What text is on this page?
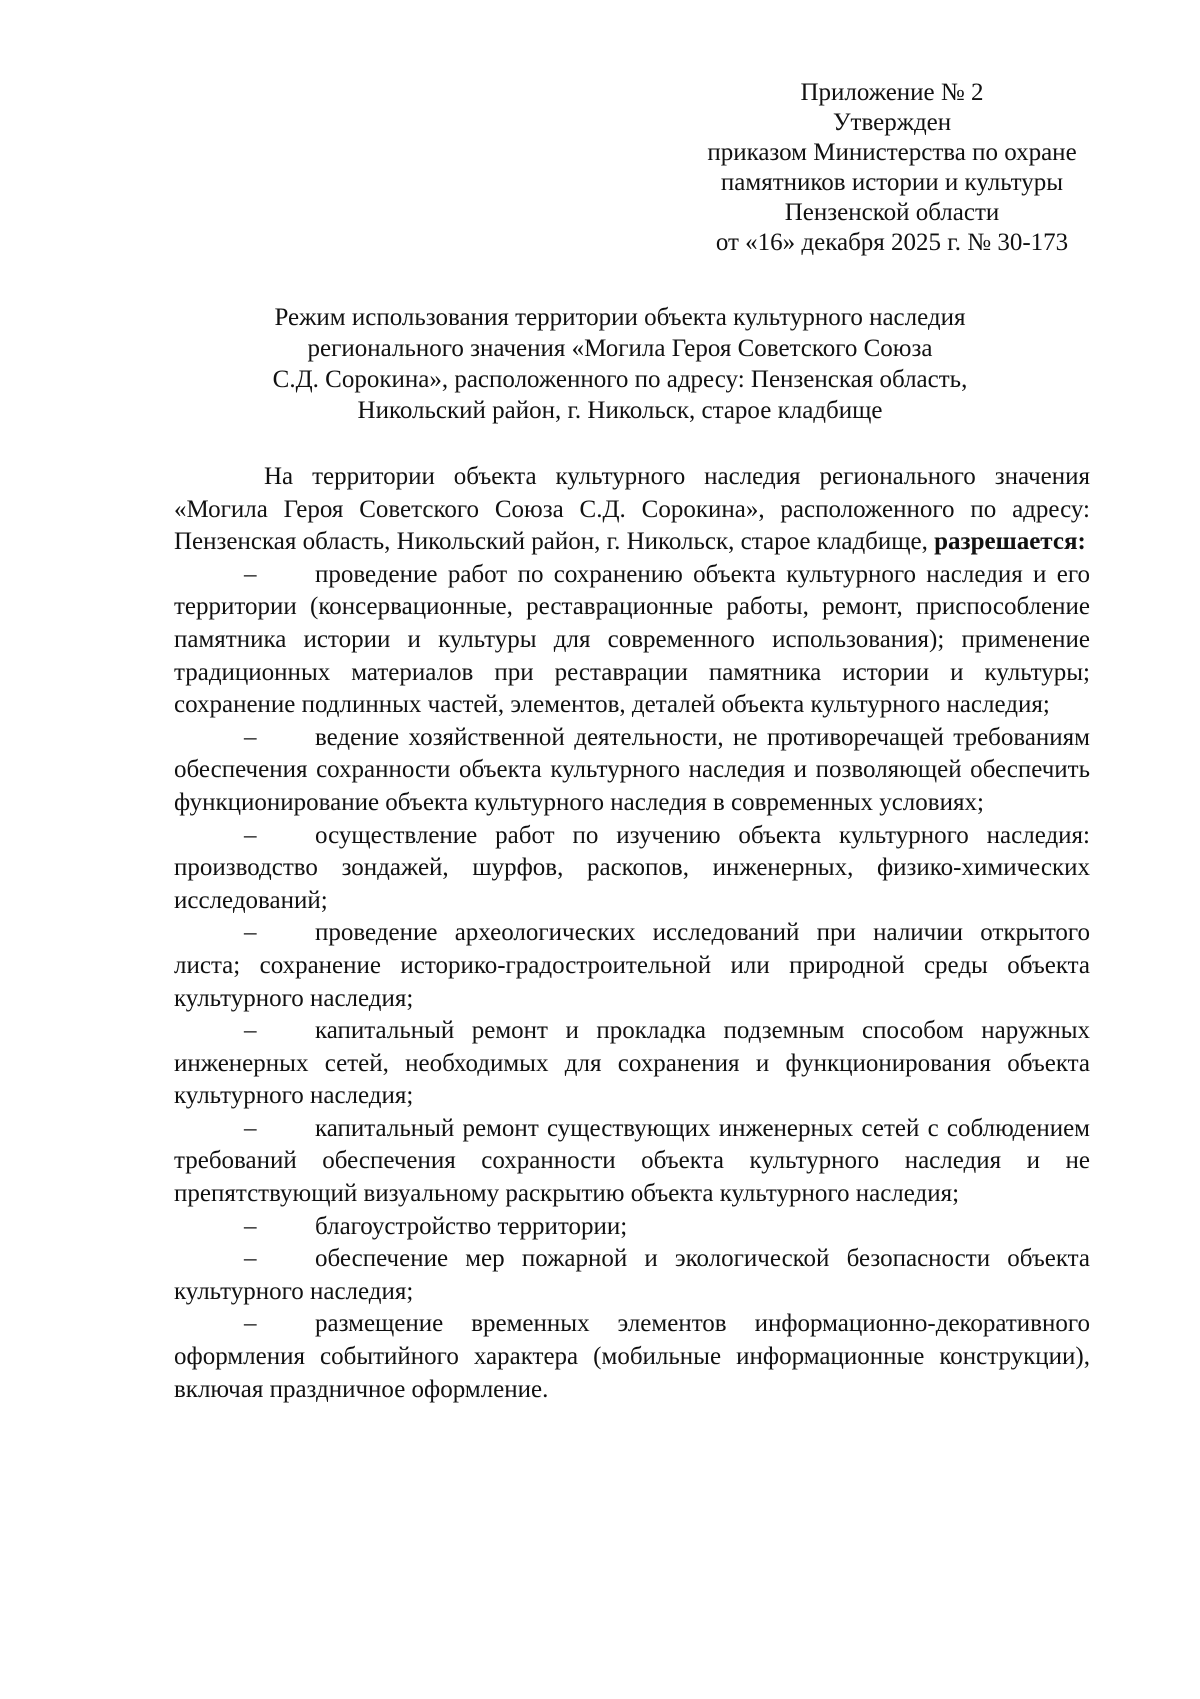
Приложение № 2
Утвержден
приказом Министерства по охране
памятников истории и культуры
Пензенской области
от «16» декабря 2025 г. № 30-173
Режим использования территории объекта культурного наследия
регионального значения «Могила Героя Советского Союза
С.Д. Сорокина», расположенного по адресу: Пензенская область,
Никольский район, г. Никольск, старое кладбище

На территории объекта культурного наследия регионального значения «Могила Героя Советского Союза С.Д. Сорокина», расположенного по адресу: Пензенская область, Никольский район, г. Никольск, старое кладбище, разрешается:

– проведение работ по сохранению объекта культурного наследия и его территории (консервационные, реставрационные работы, ремонт, приспособление памятника истории и культуры для современного использования); применение традиционных материалов при реставрации памятника истории и культуры; сохранение подлинных частей, элементов, деталей объекта культурного наследия;

– ведение хозяйственной деятельности, не противоречащей требованиям обеспечения сохранности объекта культурного наследия и позволяющей обеспечить функционирование объекта культурного наследия в современных условиях;

– осуществление работ по изучению объекта культурного наследия: производство зондажей, шурфов, раскопов, инженерных, физико-химических исследований;

– проведение археологических исследований при наличии открытого листа; сохранение историко-градостроительной или природной среды объекта культурного наследия;

– капитальный ремонт и прокладка подземным способом наружных инженерных сетей, необходимых для сохранения и функционирования объекта культурного наследия;

– капитальный ремонт существующих инженерных сетей с соблюдением требований обеспечения сохранности объекта культурного наследия и не препятствующий визуальному раскрытию объекта культурного наследия;

– благоустройство территории;

– обеспечение мер пожарной и экологической безопасности объекта культурного наследия;

– размещение временных элементов информационно-декоративного оформления событийного характера (мобильные информационные конструкции), включая праздничное оформление.
